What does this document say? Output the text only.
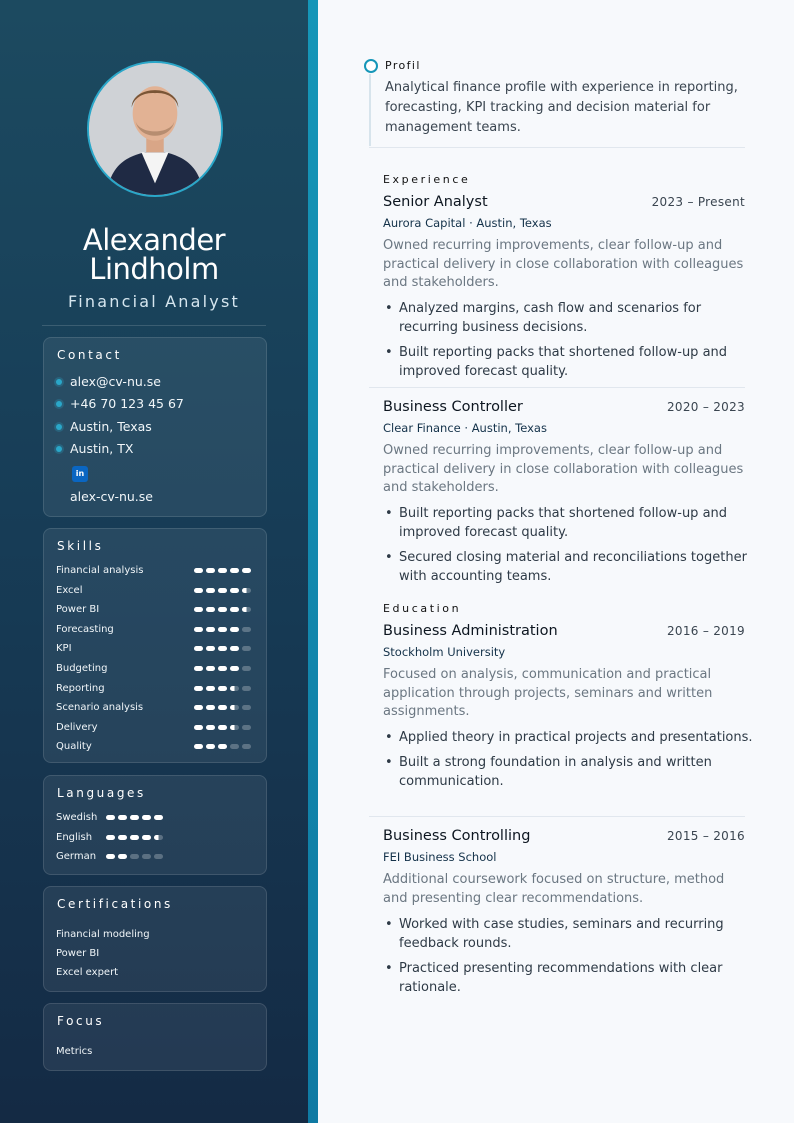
Alexander
Lindholm
Financial Analyst
Contact
alex@cv-nu.se
+46 70 123 45 67
Austin, Texas
Austin, TX
in
alex-cv-nu.se
Skills
Financial analysis
Excel
Power BI
Forecasting
KPI
Budgeting
Reporting
Scenario analysis
Delivery
Quality
Languages
Swedish
English
German
Certifications
Financial modeling
Power BI
Excel expert
Focus
Metrics
Profil
Analytical finance profile with experience in reporting, forecasting, KPI tracking and decision material for management teams.
Experience
Senior Analyst	2023 – Present
Aurora Capital · Austin, Texas
Owned recurring improvements, clear follow-up and practical delivery in close collaboration with colleagues and stakeholders.
• Analyzed margins, cash flow and scenarios for recurring business decisions.
• Built reporting packs that shortened follow-up and improved forecast quality.
Business Controller	2020 – 2023
Clear Finance · Austin, Texas
Owned recurring improvements, clear follow-up and practical delivery in close collaboration with colleagues and stakeholders.
• Built reporting packs that shortened follow-up and improved forecast quality.
• Secured closing material and reconciliations together with accounting teams.
Education
Business Administration	2016 – 2019
Stockholm University
Focused on analysis, communication and practical application through projects, seminars and written assignments.
• Applied theory in practical projects and presentations.
• Built a strong foundation in analysis and written communication.
Business Controlling	2015 – 2016
FEI Business School
Additional coursework focused on structure, method and presenting clear recommendations.
• Worked with case studies, seminars and recurring feedback rounds.
• Practiced presenting recommendations with clear rationale.
